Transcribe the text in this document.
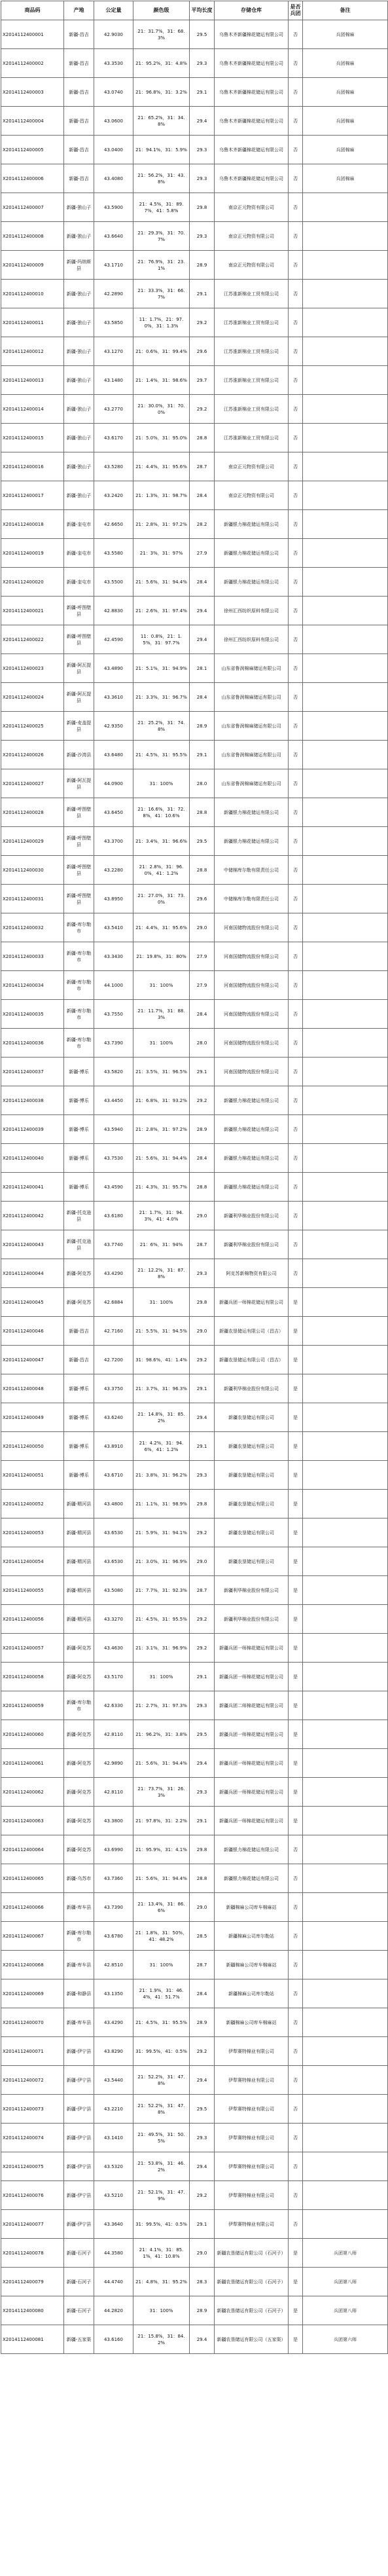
商品码	产地	公定量	颜色级	平均长度	存储仓库	是否兵团	备注
X2014112400001	新疆-昌吉	42.9030	21：31.7%，31：68.3%	29.5	乌鲁木齐新疆棉花储运有限公司	否	兵团棉麻
X2014112400002	新疆-昌吉	43.3530	21：95.2%，31：4.8%	29.3	乌鲁木齐新疆棉花储运有限公司	否	兵团棉麻
X2014112400003	新疆-昌吉	43.0740	21：96.8%，31：3.2%	29.1	乌鲁木齐新疆棉花储运有限公司	否	兵团棉麻
X2014112400004	新疆-昌吉	43.0600	21：65.2%，31：34.8%	29.4	乌鲁木齐新疆棉花储运有限公司	否	兵团棉麻
X2014112400005	新疆-昌吉	43.0400	21：94.1%，31：5.9%	29.3	乌鲁木齐新疆棉花储运有限公司	否	兵团棉麻
X2014112400006	新疆-昌吉	43.4080	21：56.2%，31：43.8%	29.3	乌鲁木齐新疆棉花储运有限公司	否	兵团棉麻
X2014112400007	新疆-独山子	43.5900	21：4.5%，31：89.7%，41：5.8%	29.8	南京正元物资有限公司	否	
X2014112400008	新疆-独山子	43.6640	21：29.3%，31：70.7%	29.3	南京正元物资有限公司	否	
X2014112400009	新疆-玛纳斯县	43.1710	21：76.9%，31：23.1%	28.9	南京正元物资有限公司	否	
X2014112400010	新疆-独山子	42.2890	21：33.3%，31：66.7%	29.1	江苏淮新棉业工贸有限公司	否	
X2014112400011	新疆-独山子	43.5850	11：1.7%，21：97.0%，31：1.3%	29.2	江苏淮新棉业工贸有限公司	否	
X2014112400012	新疆-独山子	43.1270	21：0.6%，31：99.4%	29.6	江苏淮新棉业工贸有限公司	否	
X2014112400013	新疆-独山子	43.1480	21：1.4%，31：98.6%	29.7	江苏淮新棉业工贸有限公司	否	
X2014112400014	新疆-独山子	43.2770	21：30.0%，31：70.0%	29.2	江苏淮新棉业工贸有限公司	否	
X2014112400015	新疆-独山子	43.6170	21：5.0%，31：95.0%	28.8	江苏淮新棉业工贸有限公司	否	
X2014112400016	新疆-独山子	43.5280	21：4.4%，31：95.6%	28.7	南京正元物资有限公司	否	
X2014112400017	新疆-独山子	43.2420	21：1.3%，31：98.7%	28.4	南京正元物资有限公司	否	
X2014112400018	新疆-奎屯市	42.6650	21：2.8%，31：97.2%	28.2	新疆银力棉花储运有限公司	否	
X2014112400019	新疆-奎屯市	43.5580	21：3%，31：97%	27.9	新疆银力棉花储运有限公司	否	
X2014112400020	新疆-奎屯市	43.5500	21：5.6%，31：94.4%	28.4	新疆银力棉花储运有限公司	否	
X2014112400021	新疆-呼图壁县	42.8830	21：2.6%，31：97.4%	29.4	徐州汇西纺织原料有限公司	否	
X2014112400022	新疆-呼图壁县	42.4590	11：0.8%，21：1.5%，31：97.7%	29.4	徐州汇西纺织原料有限公司	否	
X2014112400023	新疆-阿瓦提县	43.4890	21：5.1%，31：94.9%	28.1	山东省鲁润棉麻储运有限公司	否	
X2014112400024	新疆-阿瓦提县	43.3610	21：3.3%，31：96.7%	28.4	山东省鲁润棉麻储运有限公司	否	
X2014112400025	新疆-麦盖提县	42.9350	21：25.2%，31：74.8%	28.9	山东省鲁润棉麻储运有限公司	否	
X2014112400026	新疆-沙湾县	43.6480	21：4.5%，31：95.5%	29.1	山东省鲁润棉麻储运有限公司	否	
X2014112400027	新疆-阿瓦提县	44.0900	31：100%	28.0	山东省鲁润棉麻储运有限公司	否	
X2014112400028	新疆-呼图壁县	43.6450	21：16.6%，31：72.8%，41：10.6%	28.8	新疆银力棉花储运有限公司	否	
X2014112400029	新疆-呼图壁县	43.3700	21：3.4%，31：96.6%	29.5	新疆银力棉花储运有限公司	否	
X2014112400030	新疆-呼图壁县	43.2280	21：2.8%，31：96.0%，41：1.2%	28.8	中储棉库尔勒有限责任公司	否	
X2014112400031	新疆-呼图壁县	43.8950	21：27.0%，31：73.0%	29.6	中储棉库尔勒有限责任公司	否	
X2014112400032	新疆-库尔勒市	43.5410	21：4.4%，31：95.6%	29.0	河南国储物流股份有限公司	否	
X2014112400033	新疆-库尔勒市	43.3430	21：19.8%，31：80%	27.9	河南国储物流股份有限公司	否	
X2014112400034	新疆-库尔勒市	44.1000	31：100%	27.9	河南国储物流股份有限公司	否	
X2014112400035	新疆-库尔勒市	43.7550	21：11.7%，31：88.3%	28.4	河南国储物流股份有限公司	否	
X2014112400036	新疆-库尔勒市	43.7390	31：100%	28.0	河南国储物流股份有限公司	否	
X2014112400037	新疆-博乐	43.5820	21：3.5%，31：96.5%	29.1	河南国储物流股份有限公司	否	
X2014112400038	新疆-博乐	43.4450	21：6.8%，31：93.2%	29.2	新疆银力棉花储运有限公司	否	
X2014112400039	新疆-博乐	43.5940	21：2.8%，31：97.2%	28.9	新疆银力棉花储运有限公司	否	
X2014112400040	新疆-博乐	43.7530	21：5.6%，31：94.4%	28.4	新疆银力棉花储运有限公司	否	
X2014112400041	新疆-博乐	43.4590	21：4.3%，31：95.7%	28.8	新疆银力棉花储运有限公司	否	
X2014112400042	新疆-托克逊县	43.6180	21：1.7%，31：94.3%，41：4.0%	29.0	新疆利华棉业股份有限公司	否	
X2014112400043	新疆-托克逊县	43.7740	21：6%，31：94%	28.7	新疆利华棉业股份有限公司	否	
X2014112400044	新疆-阿克苏	43.4290	21：12.2%，31：87.8%	29.3	阿克苏新棉物资有限公司	否	
X2014112400045	新疆-阿克苏	42.6884	31：100%	29.8	新疆兵团一师棉花储运有限公司	是	
X2014112400046	新疆-昌吉	42.7160	21：5.5%，31：94.5%	29.0	新疆农垦储运有限公司（昌吉）	是	
X2014112400047	新疆-昌吉	42.7200	31：98.6%，41：1.4%	29.2	新疆农垦储运有限公司（昌吉）	是	
X2014112400048	新疆-博乐	43.3750	21：3.7%，31：96.3%	29.1	新疆利华棉业股份有限公司	是	
X2014112400049	新疆-博乐	43.6240	21：14.8%，31：85.2%	29.4	新疆农垦储运有限公司	是	
X2014112400050	新疆-博乐	43.8910	21：4.2%，31：94.6%，41：1.2%	29.1	新疆农垦储运有限公司	是	
X2014112400051	新疆-博乐	43.6710	21：3.8%，31：96.2%	29.3	新疆农垦储运有限公司	是	
X2014112400052	新疆-精河县	43.4800	21：1.1%，31：98.9%	29.8	新疆农垦储运有限公司	是	
X2014112400053	新疆-精河县	43.6530	21：5.9%，31：94.1%	29.2	新疆农垦储运有限公司	是	
X2014112400054	新疆-精河县	43.6530	21：3.0%，31：96.9%	29.0	新疆农垦储运有限公司	是	
X2014112400055	新疆-精河县	43.5080	21：7.7%，31：92.3%	28.7	新疆利华棉业股份有限公司	是	
X2014112400056	新疆-精河县	43.3270	21：4.5%，31：95.5%	29.2	新疆利华棉业股份有限公司	是	
X2014112400057	新疆-阿克苏	43.4630	21：3.1%，31：96.9%	29.2	新疆兵团一师棉花储运有限公司	是	
X2014112400058	新疆-阿克苏	43.5170	31：100%	29.1	新疆兵团一师棉花储运有限公司	是	
X2014112400059	新疆-库尔勒市	42.6330	21：2.7%，31：97.3%	29.3	新疆兵团二师棉花储运有限公司	是	
X2014112400060	新疆-阿克苏	42.8110	21：96.2%，31：3.8%	29.5	新疆兵团一师棉花储运有限公司	是	
X2014112400061	新疆-阿克苏	42.9890	21：5.6%，31：94.4%	29.4	新疆兵团一师棉花储运有限公司	是	
X2014112400062	新疆-阿克苏	42.8110	21：73.7%，31：26.3%	29.3	新疆兵团一师棉花储运有限公司	是	
X2014112400063	新疆-阿克苏	43.3800	21：97.8%，31：2.2%	29.1	新疆兵团一师棉花储运有限公司	是	
X2014112400064	新疆-阿克苏	43.6990	21：95.9%，31：4.1%	29.8	新疆银力棉花储运有限公司	否	
X2014112400065	新疆-乌苏市	43.7360	21：5.6%，31：94.4%	28.8	新疆银力棉花储运有限公司	否	
X2014112400066	新疆-库车县	43.7390	21：13.4%，31：86.6%	29.0	新疆棉麻公司库车棉麻站	否	
X2014112400067	新疆-库尔勒市	43.6780	21：1.8%，31：50%，41：48.2%	28.5	新疆棉麻公司库尔勒站	否	
X2014112400068	新疆-库车县	42.8510	31：100%	28.7	新疆棉麻公司库车棉麻站	否	
X2014112400069	新疆-和静县	43.1350	21：1.9%，31：46.4%，41：51.7%	28.4	新疆棉麻公司库尔勒站	否	
X2014112400070	新疆-库车县	43.4290	21：4.5%，31：95.5%	28.9	新疆棉麻公司库车棉麻站	否	
X2014112400071	新疆-伊宁县	43.8290	31：99.5%，41：0.5%	29.2	伊犁赛特棉业有限公司	否	
X2014112400072	新疆-伊宁县	43.5440	21：52.2%，31：47.8%	29.4	伊犁赛特棉业有限公司	否	
X2014112400073	新疆-伊宁县	43.2210	21：52.2%，31：47.8%	29.5	伊犁赛特棉业有限公司	否	
X2014112400074	新疆-伊宁县	43.1410	21：49.5%，31：50.5%	29.3	伊犁赛特棉业有限公司	否	
X2014112400075	新疆-伊宁县	43.5320	21：53.8%，31：46.2%	29.4	伊犁赛特棉业有限公司	否	
X2014112400076	新疆-伊宁县	43.5210	21：52.1%，31：47.9%	29.2	伊犁赛特棉业有限公司	否	
X2014112400077	新疆-伊宁县	43.3640	31：99.5%，41：0.5%	29.1	伊犁赛特棉业有限公司	否	
X2014112400078	新疆-石河子	44.3580	21：4.1%，31：85.1%，41：10.8%	29.0	新疆农垦储运有限公司（石河子）	是	兵团第八师
X2014112400079	新疆-石河子	44.4740	21：4.8%，31：95.2%	28.3	新疆农垦储运有限公司（石河子）	是	兵团第八师
X2014112400080	新疆-石河子	44.2820	31：100%	28.9	新疆农垦储运有限公司（石河子）	是	兵团第八师
X2014112400081	新疆-五家渠	43.6160	21：15.8%，31：84.2%	29.4	新疆农垦储运有限公司（五家渠）	是	兵团第六师
